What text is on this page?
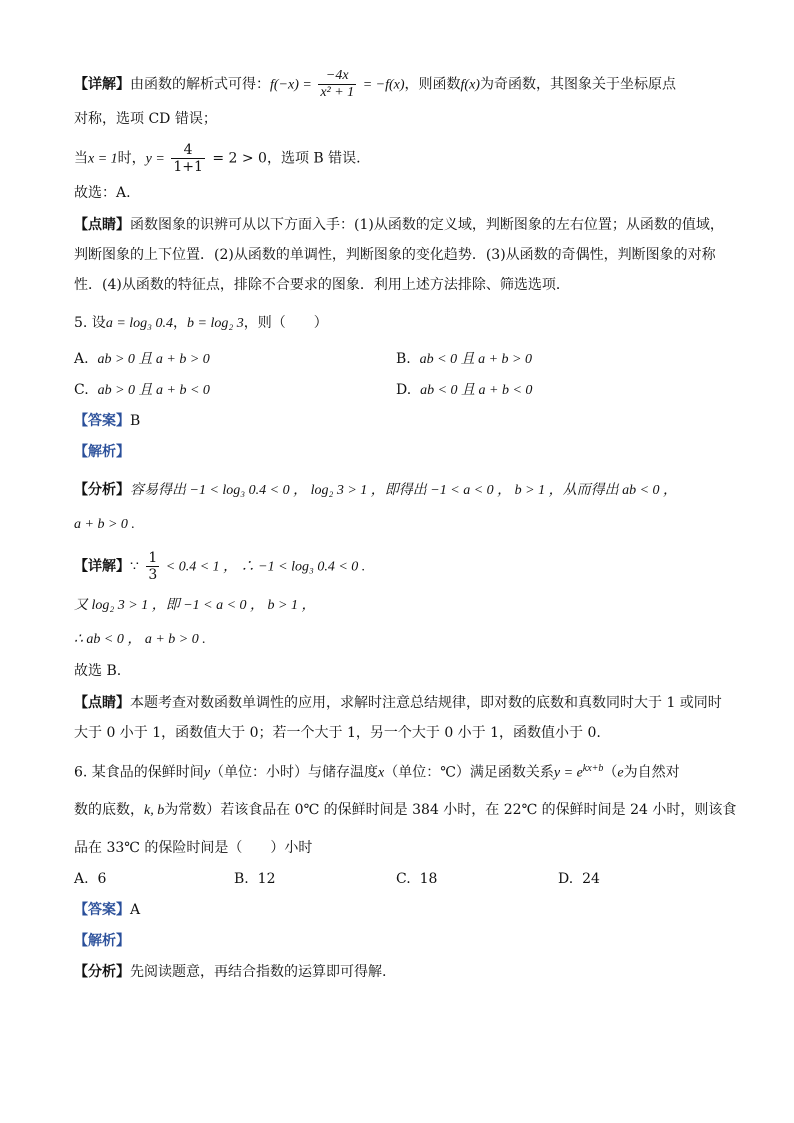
【详解】由函数的解析式可得：$f(-x) = \frac{-4x}{\text{x² + 1}} = -f(x)$，则函数f(x)为奇函数，其图象关于坐标原点
对称，选项 CD 错误；
当x = 1时，$y = \frac{4}{1+1} = 2 > 0$，选项 B 错误.
故选：A.
【点睛】函数图象的识辨可从以下方面入手：(1)从函数的定义域，判断图象的左右位置；从函数的值域，
判断图象的上下位置．(2)从函数的单调性，判断图象的变化趋势．(3)从函数的奇偶性，判断图象的对称
性．(4)从函数的特征点，排除不合要求的图象．利用上述方法排除、筛选选项．
5. 设a = log₃ 0.4，b = log₂ 3，则（　　）
A. ab > 0 且 a + b > 0	B. ab < 0 且 a + b > 0
C. ab > 0 且 a + b < 0	D. ab < 0 且 a + b < 0
【答案】B
【解析】
【分析】容易得出 −1 < log₃ 0.4 < 0 ， log₂ 3 > 1 ，即得出 −1 < a < 0 ， b > 1 ，从而得出 ab < 0 ，
a + b > 0 .
【详解】∵ $\frac{1}{3} < 0.4 < 1$ ， ∴ −1 < log₃ 0.4 < 0 .
又 log₂ 3 > 1 ，即 −1 < a < 0 ， b > 1 ，
∴ ab < 0 ， a + b > 0 .
故选 B.
【点睛】本题考查对数函数单调性的应用，求解时注意总结规律，即对数的底数和真数同时大于 1 或同时
大于 0 小于 1，函数值大于 0；若一个大于 1，另一个大于 0 小于 1，函数值小于 0.
6. 某食品的保鲜时间y（单位：小时）与储存温度x（单位：℃）满足函数关系$y = e^{kx+b}(e$为自然对
数的底数，k, b为常数）若该食品在 0℃ 的保鲜时间是 384 小时，在 22℃ 的保鲜时间是 24 小时，则该食
品在 33℃ 的保险时间是（　　）小时
A. 6	B. 12	C. 18	D. 24
【答案】A
【解析】
【分析】先阅读题意，再结合指数的运算即可得解.
